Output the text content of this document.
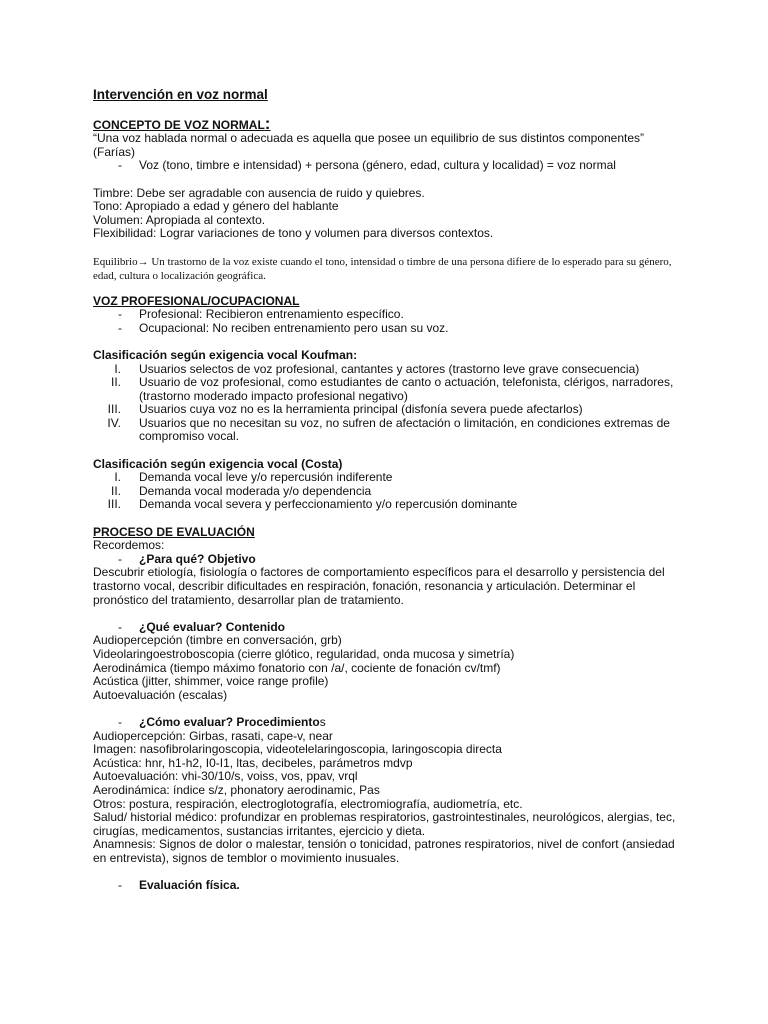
Intervención en voz normal

CONCEPTO DE VOZ NORMAL:

“Una voz hablada normal o adecuada es aquella que posee un equilibrio de sus distintos componentes” (Farías)

- Voz (tono, timbre e intensidad) + persona (género, edad, cultura y localidad) = voz normal

Timbre: Debe ser agradable con ausencia de ruido y quiebres.

Tono: Apropiado a edad y género del hablante

Volumen: Apropiada al contexto.

Flexibilidad: Lograr variaciones de tono y volumen para diversos contextos.

Equilibrio→ Un trastorno de la voz existe cuando el tono, intensidad o timbre de una persona difiere de lo esperado para su género, edad, cultura o localización geográfica.

VOZ PROFESIONAL/OCUPACIONAL

- Profesional: Recibieron entrenamiento específico.
- Ocupacional: No reciben entrenamiento pero usan su voz.

Clasificación según exigencia vocal Koufman:

I. Usuarios selectos de voz profesional, cantantes y actores (trastorno leve grave consecuencia)
II. Usuario de voz profesional, como estudiantes de canto o actuación, telefonista, clérigos, narradores, (trastorno moderado impacto profesional negativo)
III. Usuarios cuya voz no es la herramienta principal (disfonía severa puede afectarlos)
IV. Usuarios que no necesitan su voz, no sufren de afectación o limitación, en condiciones extremas de compromiso vocal.

Clasificación según exigencia vocal (Costa)

I. Demanda vocal leve y/o repercusión indiferente
II. Demanda vocal moderada y/o dependencia
III. Demanda vocal severa y perfeccionamiento y/o repercusión dominante

PROCESO DE EVALUACIÓN

Recordemos:

- ¿Para qué? Objetivo

Descubrir etiología, fisiología o factores de comportamiento específicos para el desarrollo y persistencia del trastorno vocal, describir dificultades en respiración, fonación, resonancia y articulación. Determinar el pronóstico del tratamiento, desarrollar plan de tratamiento.

- ¿Qué evaluar? Contenido

Audiopercepción (timbre en conversación, grb)

Videolaringoestroboscopia (cierre glótico, regularidad, onda mucosa y simetría)

Aerodinámica (tiempo máximo fonatorio con /a/, cociente de fonación cv/tmf)

Acústica (jitter, shimmer, voice range profile)

Autoevaluación (escalas)

- ¿Cómo evaluar? Procedimientos

Audiopercepción: Girbas, rasati, cape-v, near

Imagen: nasofibrolaringoscopia, videotelelaringoscopia, laringoscopia directa

Acústica: hnr, h1-h2, I0-I1, ltas, decibeles, parámetros mdvp

Autoevaluación: vhi-30/10/s, voiss, vos, ppav, vrql

Aerodinámica: índice s/z, phonatory aerodinamic, Pas

Otros: postura, respiración, electroglotografía, electromiografía, audiometría, etc.

Salud/ historial médico: profundizar en problemas respiratorios, gastrointestinales, neurológicos, alergias, tec, cirugías, medicamentos, sustancias irritantes, ejercicio y dieta.

Anamnesis: Signos de dolor o malestar, tensión o tonicidad, patrones respiratorios, nivel de confort (ansiedad en entrevista), signos de temblor o movimiento inusuales.

- Evaluación física.
